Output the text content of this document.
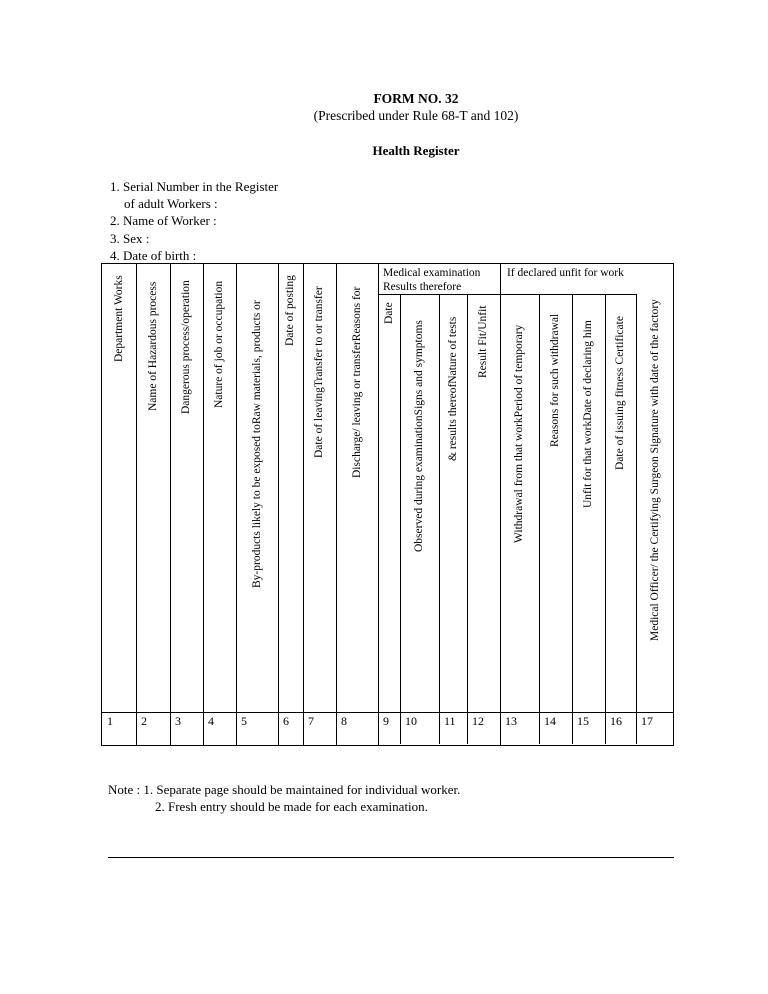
FORM NO. 32
(Prescribed under Rule 68-T and 102)
Health Register
1. Serial Number in the Register
of adult Workers :
2. Name of Worker :
3. Sex :
4. Date of birth :
Medical examination Results therefore
If declared unfit for work
Department Works
1
Name of Hazardous process
2
Dangerous process/operation
3
Nature of job or occupation
4
By-products likely to be exposed toRaw materials, products or
5
Date of posting
6
Date of leavingTransfer to or transfer
7
Discharge/ leaving or transferReasons for
8
Date
9
Observed during examinationSigns and symptoms
10
& results thereofNature of tests
11
Result Fit/Unfit
12
Withdrawal from that workPeriod of temporary
13
Reasons for such withdrawal
14
Unfit for that workDate of declaring him
15
Date of issuing fitness Certificate
16
Medical Officer/ the Certifying Surgeon Signature with date of the factory
17
Note : 1. Separate page should be maintained for individual worker.
2. Fresh entry should be made for each examination.
